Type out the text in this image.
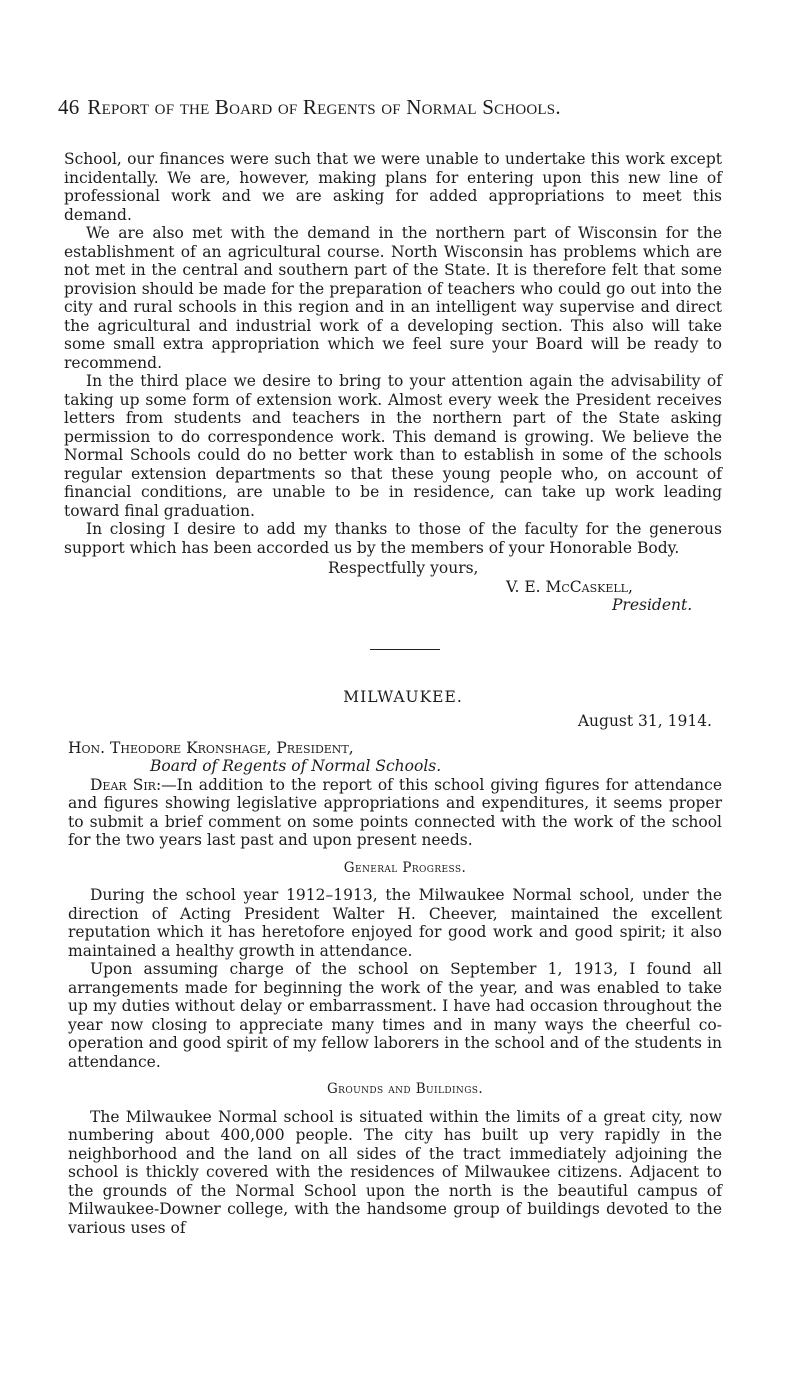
46 Report of the Board of Regents of Normal Schools.

School, our finances were such that we were unable to undertake this work except incidentally. We are, however, making plans for entering upon this new line of professional work and we are asking for added appropriations to meet this demand.

We are also met with the demand in the northern part of Wisconsin for the establishment of an agricultural course. North Wisconsin has problems which are not met in the central and southern part of the State. It is therefore felt that some provision should be made for the preparation of teachers who could go out into the city and rural schools in this region and in an intelligent way supervise and direct the agricultural and industrial work of a developing section. This also will take some small extra appropriation which we feel sure your Board will be ready to recommend.

In the third place we desire to bring to your attention again the advisability of taking up some form of extension work. Almost every week the President receives letters from students and teachers in the northern part of the State asking permission to do correspondence work. This demand is growing. We believe the Normal Schools could do no better work than to establish in some of the schools regular extension departments so that these young people who, on account of financial conditions, are unable to be in residence, can take up work leading toward final graduation.

In closing I desire to add my thanks to those of the faculty for the generous support which has been accorded us by the members of your Honorable Body.

Respectfully yours,
V. E. McCaskell,
President.
MILWAUKEE.
August 31, 1914.
Hon. Theodore Kronshage, President,
Board of Regents of Normal Schools.

Dear Sir:—In addition to the report of this school giving figures for attendance and figures showing legislative appropriations and expenditures, it seems proper to submit a brief comment on some points connected with the work of the school for the two years last past and upon present needs.

General Progress.

During the school year 1912–1913, the Milwaukee Normal school, under the direction of Acting President Walter H. Cheever, maintained the excellent reputation which it has heretofore enjoyed for good work and good spirit; it also maintained a healthy growth in attendance.

Upon assuming charge of the school on September 1, 1913, I found all arrangements made for beginning the work of the year, and was enabled to take up my duties without delay or embarrassment. I have had occasion throughout the year now closing to appreciate many times and in many ways the cheerful co-operation and good spirit of my fellow laborers in the school and of the students in attendance.

Grounds and Buildings.

The Milwaukee Normal school is situated within the limits of a great city, now numbering about 400,000 people. The city has built up very rapidly in the neighborhood and the land on all sides of the tract immediately adjoining the school is thickly covered with the residences of Milwaukee citizens. Adjacent to the grounds of the Normal School upon the north is the beautiful campus of Milwaukee-Downer college, with the handsome group of buildings devoted to the various uses of
